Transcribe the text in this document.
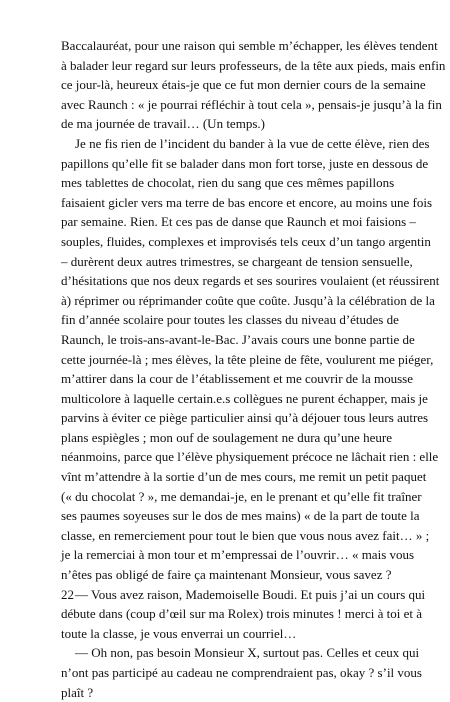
Baccalauréat, pour une raison qui semble m’échapper, les élèves tendent
à balader leur regard sur leurs professeurs, de la tête aux pieds, mais enfin
ce jour-là, heureux étais-je que ce fut mon dernier cours de la semaine
avec Raunch : « je pourrai réfléchir à tout cela », pensais-je jusqu’à la fin
de ma journée de travail… (Un temps.)
Je ne fis rien de l’incident du bander à la vue de cette élève, rien des
papillons qu’elle fit se balader dans mon fort torse, juste en dessous de
mes tablettes de chocolat, rien du sang que ces mêmes papillons
faisaient gicler vers ma terre de bas encore et encore, au moins une fois
par semaine. Rien. Et ces pas de danse que Raunch et moi faisions –
souples, fluides, complexes et improvisés tels ceux d’un tango argentin
– durèrent deux autres trimestres, se chargeant de tension sensuelle,
d’hésitations que nos deux regards et ses sourires voulaient (et réussirent
à) réprimer ou réprimander coûte que coûte. Jusqu’à la célébration de la
fin d’année scolaire pour toutes les classes du niveau d’études de
Raunch, le trois-ans-avant-le-Bac. J’avais cours une bonne partie de
cette journée-là ; mes élèves, la tête pleine de fête, voulurent me piéger,
m’attirer dans la cour de l’établissement et me couvrir de la mousse
multicolore à laquelle certain.e.s collègues ne purent échapper, mais je
parvins à éviter ce piège particulier ainsi qu’à déjouer tous leurs autres
plans espiègles ; mon ouf de soulagement ne dura qu’une heure
néanmoins, parce que l’élève physiquement précoce ne lâchait rien : elle
vînt m’attendre à la sortie d’un de mes cours, me remit un petit paquet
(« du chocolat ? », me demandai-je, en le prenant et qu’elle fit traîner
ses paumes soyeuses sur le dos de mes mains) « de la part de toute la
classe, en remerciement pour tout le bien que vous nous avez fait… » ;
je la remerciai à mon tour et m’empressai de l’ouvrir… « mais vous
n’êtes pas obligé de faire ça maintenant Monsieur, vous savez ?
— Vous avez raison, Mademoiselle Boudi. Et puis j’ai un cours qui
débute dans (coup d’œil sur ma Rolex) trois minutes ! merci à toi et à
toute la classe, je vous enverrai un courriel…
— Oh non, pas besoin Monsieur X, surtout pas. Celles et ceux qui
n’ont pas participé au cadeau ne comprendraient pas, okay ? s’il vous
plaît ?
22
